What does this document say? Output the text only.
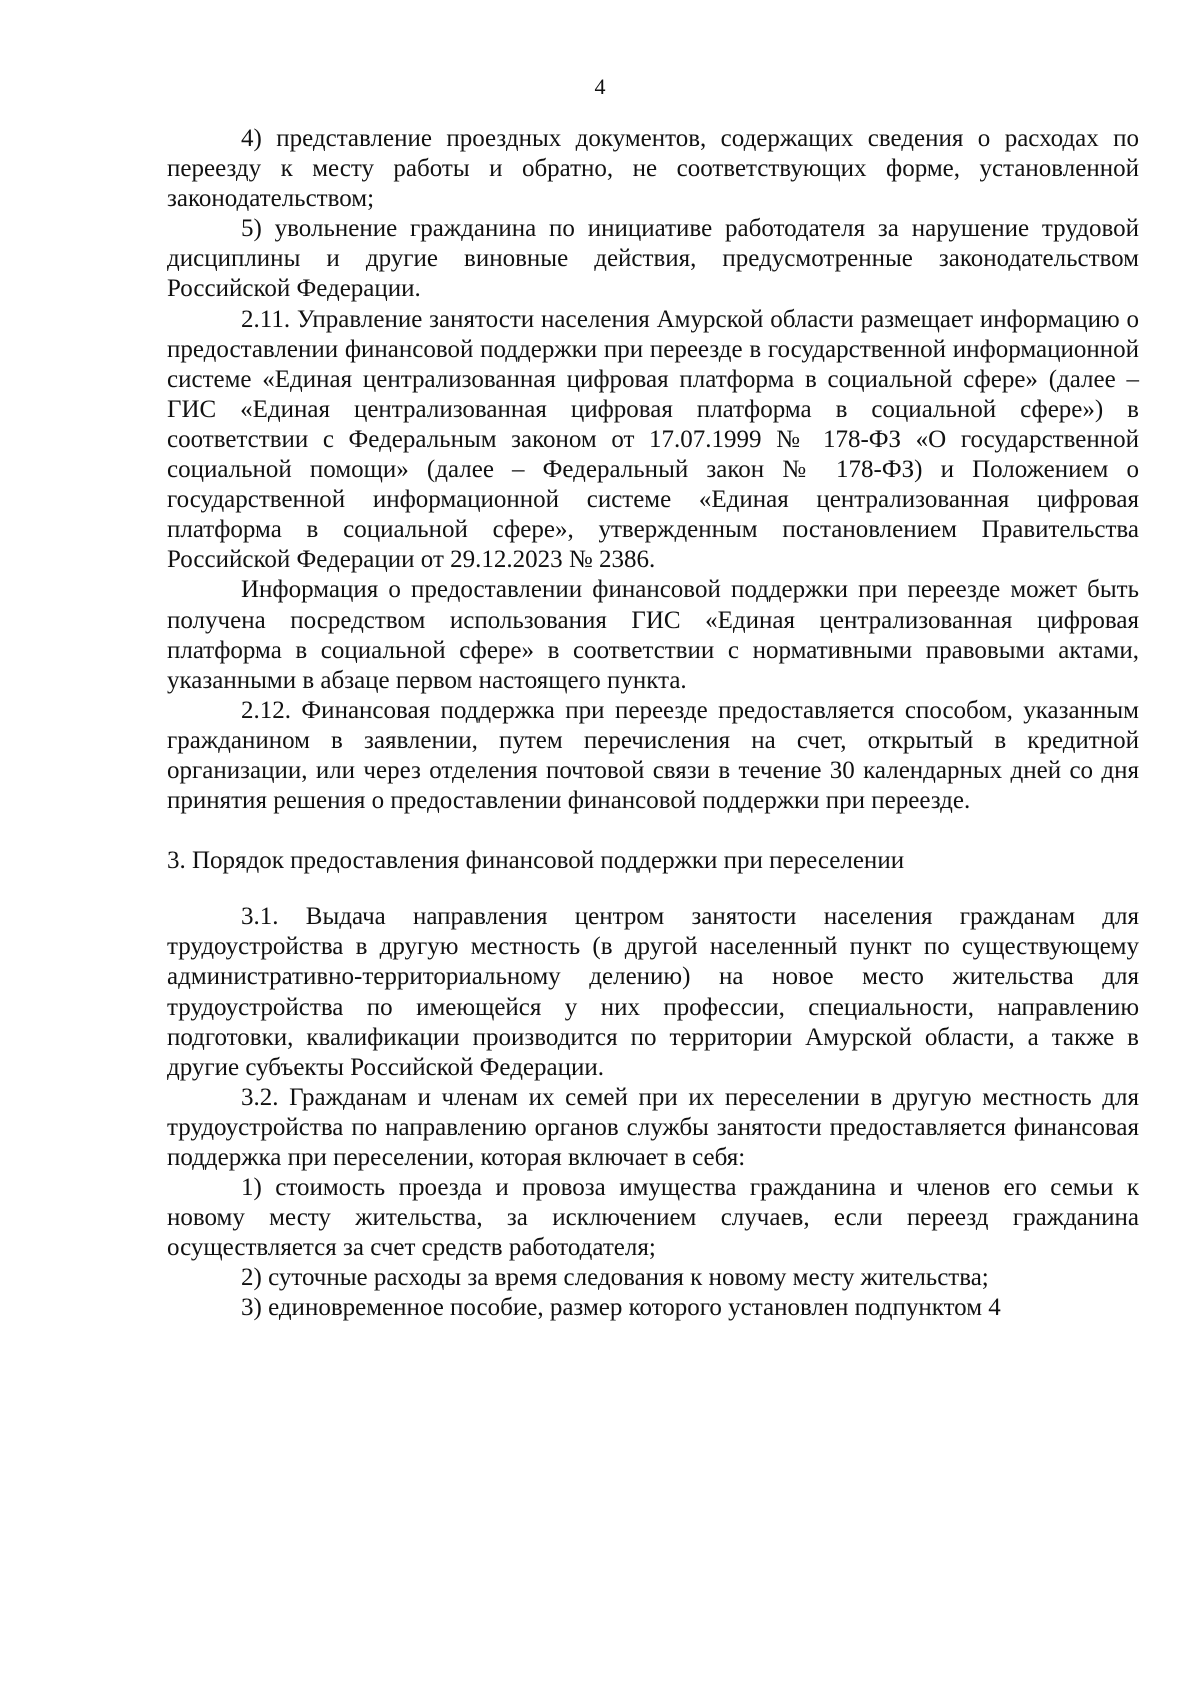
4

4) представление проездных документов, содержащих сведения о расходах по переезду к месту работы и обратно, не соответствующих форме, установленной законодательством;

5) увольнение гражданина по инициативе работодателя за нарушение трудовой дисциплины и другие виновные действия, предусмотренные законодательством Российской Федерации.

2.11. Управление занятости населения Амурской области размещает информацию о предоставлении финансовой поддержки при переезде в государственной информационной системе «Единая централизованная цифровая платформа в социальной сфере» (далее – ГИС «Единая централизованная цифровая платформа в социальной сфере») в соответствии с Федеральным законом от 17.07.1999 № 178-ФЗ «О государственной социальной помощи» (далее – Федеральный закон № 178-ФЗ) и Положением о государственной информационной системе «Единая централизованная цифровая платформа в социальной сфере», утвержденным постановлением Правительства Российской Федерации от 29.12.2023 № 2386.

Информация о предоставлении финансовой поддержки при переезде может быть получена посредством использования ГИС «Единая централизованная цифровая платформа в социальной сфере» в соответствии с нормативными правовыми актами, указанными в абзаце первом настоящего пункта.

2.12. Финансовая поддержка при переезде предоставляется способом, указанным гражданином в заявлении, путем перечисления на счет, открытый в кредитной организации, или через отделения почтовой связи в течение 30 календарных дней со дня принятия решения о предоставлении финансовой поддержки при переезде.

3. Порядок предоставления финансовой поддержки при переселении

3.1. Выдача направления центром занятости населения гражданам для трудоустройства в другую местность (в другой населенный пункт по существующему административно-территориальному делению) на новое место жительства для трудоустройства по имеющейся у них профессии, специальности, направлению подготовки, квалификации производится по территории Амурской области, а также в другие субъекты Российской Федерации.

3.2. Гражданам и членам их семей при их переселении в другую местность для трудоустройства по направлению органов службы занятости предоставляется финансовая поддержка при переселении, которая включает в себя:

1) стоимость проезда и провоза имущества гражданина и членов его семьи к новому месту жительства, за исключением случаев, если переезд гражданина осуществляется за счет средств работодателя;

2) суточные расходы за время следования к новому месту жительства;

3) единовременное пособие, размер которого установлен подпунктом 4
